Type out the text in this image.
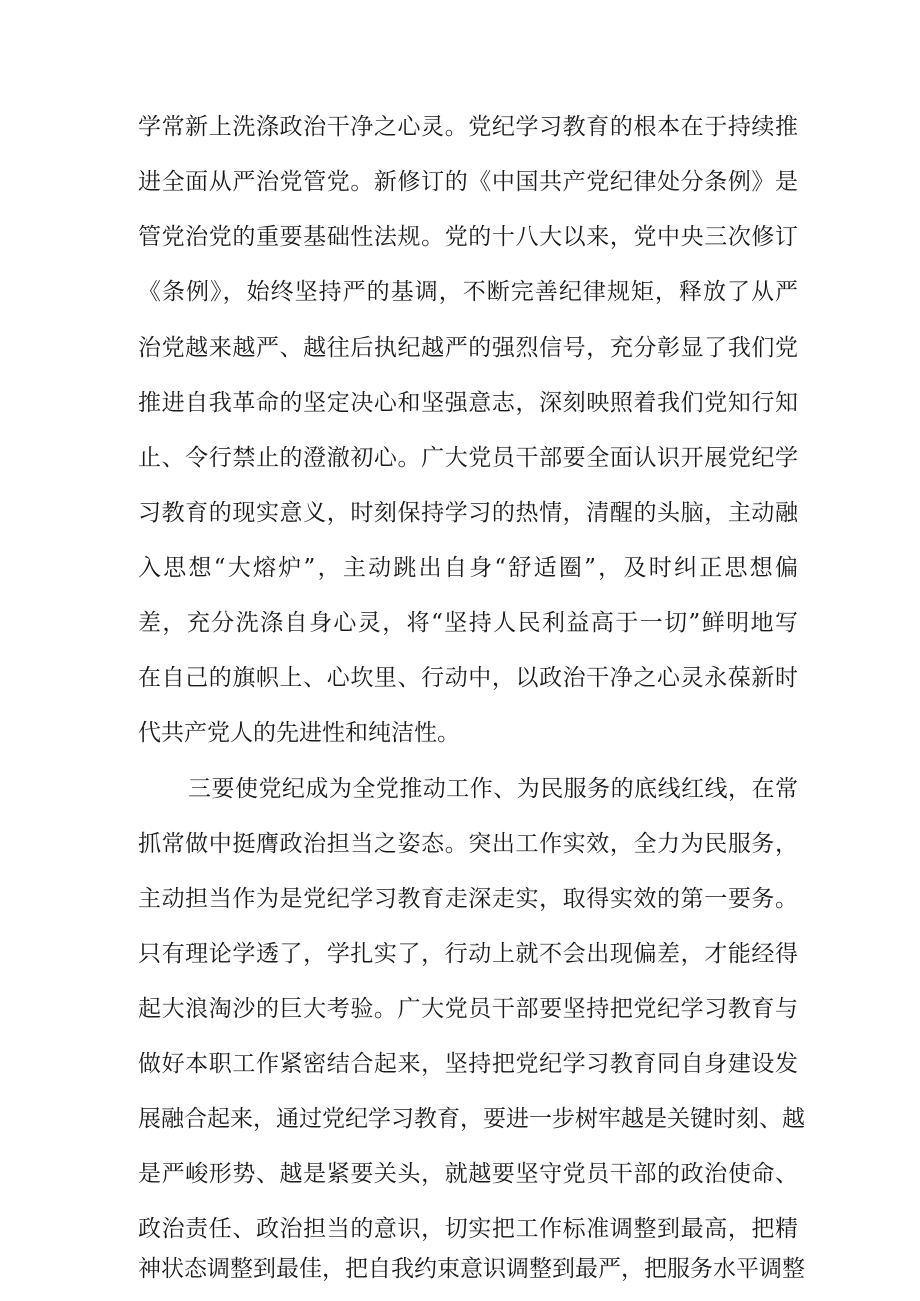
学常新上洗涤政治干净之心灵。党纪学习教育的根本在于持续推
进全面从严治党管党。新修订的《中国共产党纪律处分条例》是
管党治党的重要基础性法规。党的十八大以来，党中央三次修订
《条例》，始终坚持严的基调，不断完善纪律规矩，释放了从严
治党越来越严、越往后执纪越严的强烈信号，充分彰显了我们党
推进自我革命的坚定决心和坚强意志，深刻映照着我们党知行知
止、令行禁止的澄澈初心。广大党员干部要全面认识开展党纪学
习教育的现实意义，时刻保持学习的热情，清醒的头脑，主动融
入思想“大熔炉”，主动跳出自身“舒适圈”，及时纠正思想偏
差，充分洗涤自身心灵，将“坚持人民利益高于一切”鲜明地写
在自己的旗帜上、心坎里、行动中，以政治干净之心灵永葆新时
代共产党人的先进性和纯洁性。
三要使党纪成为全党推动工作、为民服务的底线红线，在常
抓常做中挺膺政治担当之姿态。突出工作实效，全力为民服务，
主动担当作为是党纪学习教育走深走实，取得实效的第一要务。
只有理论学透了，学扎实了，行动上就不会出现偏差，才能经得
起大浪淘沙的巨大考验。广大党员干部要坚持把党纪学习教育与
做好本职工作紧密结合起来，坚持把党纪学习教育同自身建设发
展融合起来，通过党纪学习教育，要进一步树牢越是关键时刻、越
是严峻形势、越是紧要关头，就越要坚守党员干部的政治使命、
政治责任、政治担当的意识，切实把工作标准调整到最高，把精
神状态调整到最佳，把自我约束意识调整到最严，把服务水平调整
